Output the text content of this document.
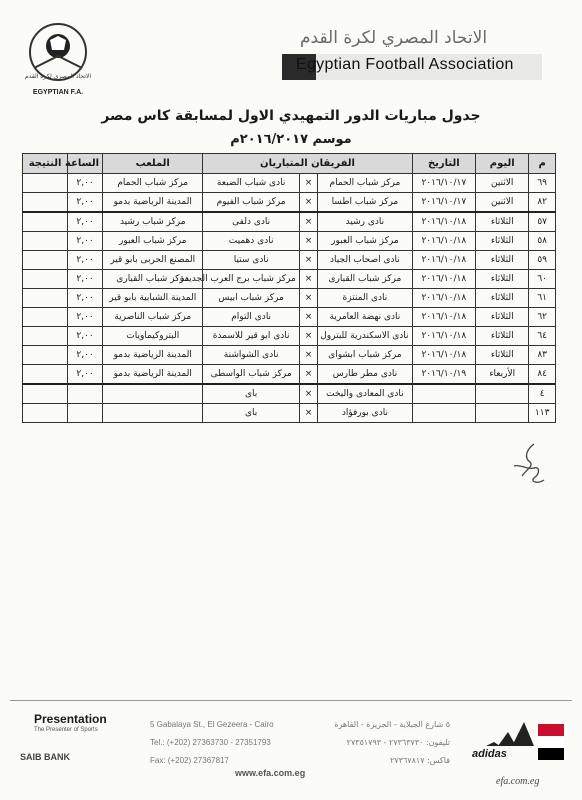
الاتحاد المصري لكرة القدم
EGYPTIAN F.A.
الاتحاد المصري لكرة القدم
Egyptian Football Association
جدول مباريات الدور التمهيدي الاول لمسابقة كاس مصر
موسم ٢٠١٦/٢٠١٧م
م	اليوم	التاريخ	الفريقان المتباريان			الملعب	الساعة	النتيجة
٦٩	الاثنين	٢٠١٦/١٠/١٧	مركز شباب الحمام	×	نادى شباب الضبعة	مركز شباب الحمام	٢,٠٠	
٨٢	الاثنين	٢٠١٦/١٠/١٧	مركز شباب اطسا	×	مركز شباب الفيوم	المدينة الرياضية بدمو	٢,٠٠	
٥٧	الثلاثاء	٢٠١٦/١٠/١٨	نادى رشيد	×	نادى دلفى	مركز شباب رشيد	٢,٠٠	
٥٨	الثلاثاء	٢٠١٦/١٠/١٨	مركز شباب العبور	×	نادى دهميت	مركز شباب العبور	٢,٠٠	
٥٩	الثلاثاء	٢٠١٦/١٠/١٨	نادى اصحاب الجياد	×	نادى ستيا	المصنع الحربى بابو قير	٢,٠٠	
٦٠	الثلاثاء	٢٠١٦/١٠/١٨	مركز شباب القبارى	×	مركز شباب برج العرب الجديدة	مركز شباب القبارى	٢,٠٠	
٦١	الثلاثاء	٢٠١٦/١٠/١٨	نادى المنتزة	×	مركز شباب ابيس	المدينة الشبابية بابو قير	٢,٠٠	
٦٢	الثلاثاء	٢٠١٦/١٠/١٨	نادى نهضة العامرية	×	نادى التوام	مركز شباب الناصرية	٢,٠٠	
٦٤	الثلاثاء	٢٠١٦/١٠/١٨	نادى الاسكندرية للبترول	×	نادى ابو قير للاسمدة	البتروكيماويات	٢,٠٠	
٨٣	الثلاثاء	٢٠١٦/١٠/١٨	مركز شباب ابشواى	×	نادى الشواشنة	المدينة الرياضية بدمو	٢,٠٠	
٨٤	الأربعاء	٢٠١٦/١٠/١٩	نادى مطر طارس	×	مركز شباب الواسطى	المدينة الرياضية بدمو	٢,٠٠	
٤			نادى المعادى واليخت	×	باى			
١١٣			نادى بورفؤاد	×	باى			
Presentation
The Presenter of Sports
SAIB BANK
5 Gabalaya St., El Gezeera - Cairo
Tel.: (+202) 27363730 - 27351793
Fax: (+202) 27367817
٥ شارع الجبلاية - الجزيرة - القاهرة
تليفون: ٢٧٣٦٣٧٣٠ - ٢٧٣٥١٧٩٣
فاكس: ٢٧٣٦٧٨١٧
www.efa.com.eg
adidas
efa.com.eg
